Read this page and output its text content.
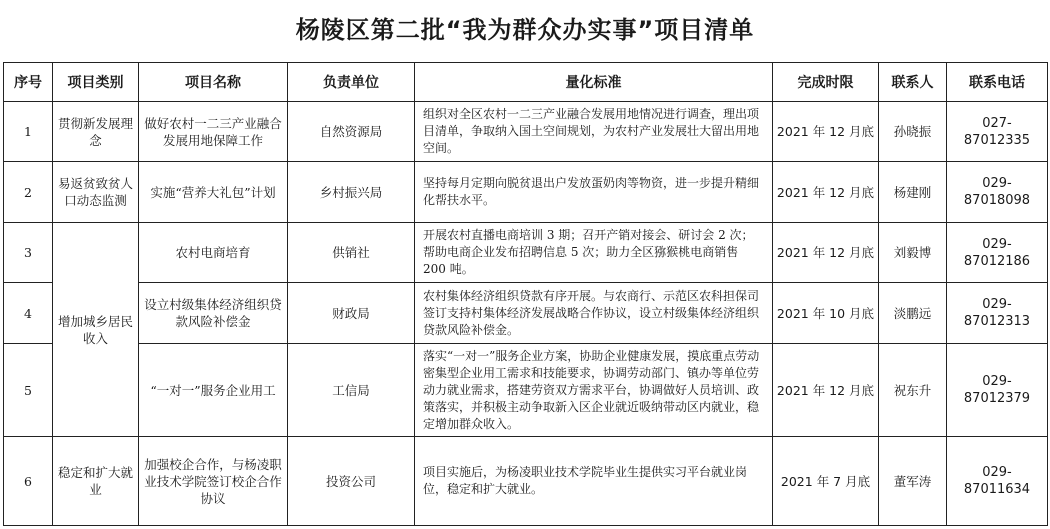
杨陵区第二批“我为群众办实事”项目清单
序号	项目类别	项目名称	负责单位	量化标准	完成时限	联系人	联系电话
1	贯彻新发展理念	做好农村一二三产业融合发展用地保障工作	自然资源局	组织对全区农村一二三产业融合发展用地情况进行调查，理出项目清单，争取纳入国土空间规划，为农村产业发展壮大留出用地空间。	2021 年 12 月底	孙晓振	027-87012335
2	易返贫致贫人口动态监测	实施“营养大礼包”计划	乡村振兴局	坚持每月定期向脱贫退出户发放蛋奶肉等物资，进一步提升精细化帮扶水平。	2021 年 12 月底	杨建刚	029-87018098
3	增加城乡居民收入	农村电商培育	供销社	开展农村直播电商培训 3 期；召开产销对接会、研讨会 2 次；帮助电商企业发布招聘信息 5 次；助力全区猕猴桃电商销售 200 吨。	2021 年 12 月底	刘毅博	029-87012186
4		设立村级集体经济组织贷款风险补偿金	财政局	农村集体经济组织贷款有序开展。与农商行、示范区农科担保司签订支持村集体经济发展战略合作协议，设立村级集体经济组织贷款风险补偿金。	2021 年 10 月底	淡鹏远	029-87012313
5		“一对一”服务企业用工	工信局	落实“一对一”服务企业方案，协助企业健康发展，摸底重点劳动密集型企业用工需求和技能要求，协调劳动部门、镇办等单位劳动力就业需求，搭建劳资双方需求平台，协调做好人员培训、政策落实，并积极主动争取新入区企业就近吸纳带动区内就业，稳定增加群众收入。	2021 年 12 月底	祝东升	029-87012379
6	稳定和扩大就业	加强校企合作，与杨凌职业技术学院签订校企合作协议	投资公司	项目实施后，为杨凌职业技术学院毕业生提供实习平台就业岗位，稳定和扩大就业。	2021 年 7 月底	董军涛	029-87011634
